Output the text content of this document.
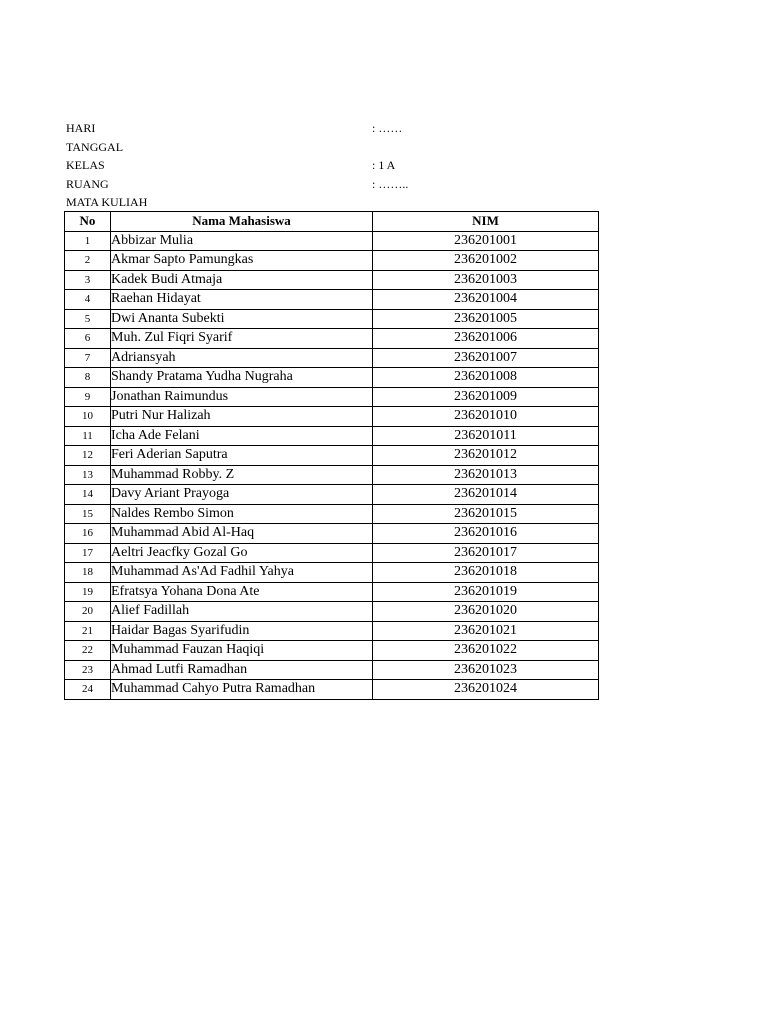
HARI	: ……
TANGGAL
KELAS	: 1 A
RUANG	: ……..
MATA KULIAH
No	Nama Mahasiswa	NIM
1	Abbizar Mulia	236201001
2	Akmar Sapto Pamungkas	236201002
3	Kadek Budi Atmaja	236201003
4	Raehan Hidayat	236201004
5	Dwi Ananta Subekti	236201005
6	Muh. Zul Fiqri Syarif	236201006
7	Adriansyah	236201007
8	Shandy Pratama Yudha Nugraha	236201008
9	Jonathan Raimundus	236201009
10	Putri Nur Halizah	236201010
11	Icha Ade Felani	236201011
12	Feri Aderian Saputra	236201012
13	Muhammad Robby. Z	236201013
14	Davy Ariant Prayoga	236201014
15	Naldes Rembo Simon	236201015
16	Muhammad Abid Al-Haq	236201016
17	Aeltri Jeacfky Gozal Go	236201017
18	Muhammad As'Ad Fadhil Yahya	236201018
19	Efratsya Yohana Dona Ate	236201019
20	Alief Fadillah	236201020
21	Haidar Bagas Syarifudin	236201021
22	Muhammad Fauzan Haqiqi	236201022
23	Ahmad Lutfi Ramadhan	236201023
24	Muhammad Cahyo Putra Ramadhan	236201024
